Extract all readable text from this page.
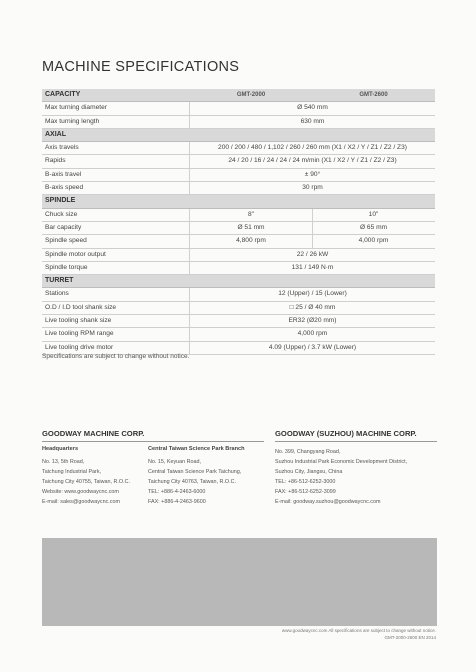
MACHINE SPECIFICATIONS
CAPACITY	GMT-2000	GMT-2600
Max turning diameter	Ø 540 mm
Max turning length	630 mm
AXIAL
Axis travels	200 / 200 / 480 / 1,102 / 260 / 260 mm (X1 / X2 / Y / Z1 / Z2 / Z3)
Rapids	24 / 20 / 16 / 24 / 24 / 24 m/min (X1 / X2 / Y / Z1 / Z2 / Z3)
B-axis travel	± 90°
B-axis speed	30 rpm
SPINDLE
Chuck size	8"	10"
Bar capacity	Ø 51 mm	Ø 65 mm
Spindle speed	4,800 rpm	4,000 rpm
Spindle motor output	22 / 26 kW
Spindle torque	131 / 149 N·m
TURRET
Stations	12 (Upper) / 15 (Lower)
O.D / I.D tool shank size	□ 25 / Ø 40 mm
Live tooling shank size	ER32 (Ø20 mm)
Live tooling RPM range	4,000 rpm
Live tooling drive motor	4.09 (Upper) / 3.7 kW (Lower)
Specifications are subject to change without notice.
GOODWAY MACHINE CORP.
Headquarters
No. 13, 5th Road,
Taichung Industrial Park,
Taichung City 40755, Taiwan, R.O.C.
Website: www.goodwaycnc.com
E-mail: sales@goodwaycnc.com
Central Taiwan Science Park Branch
No. 15, Keyuan Road,
Central Taiwan Science Park Taichung,
Taichung City 40763, Taiwan, R.O.C.
TEL: +886-4-2463-6000
FAX: +886-4-2463-9600
GOODWAY (SUZHOU) MACHINE CORP.
No. 399, Changyang Road,
Suzhou Industrial Park Economic Development District,
Suzhou City, Jiangsu, China
TEL: +86-512-6252-3000
FAX: +86-512-6252-3099
E-mail: goodway.suzhou@goodwaycnc.com
www.goodwaycnc.com All specifications are subject to change without notice.
GMT-2000-2600 EN 2014
